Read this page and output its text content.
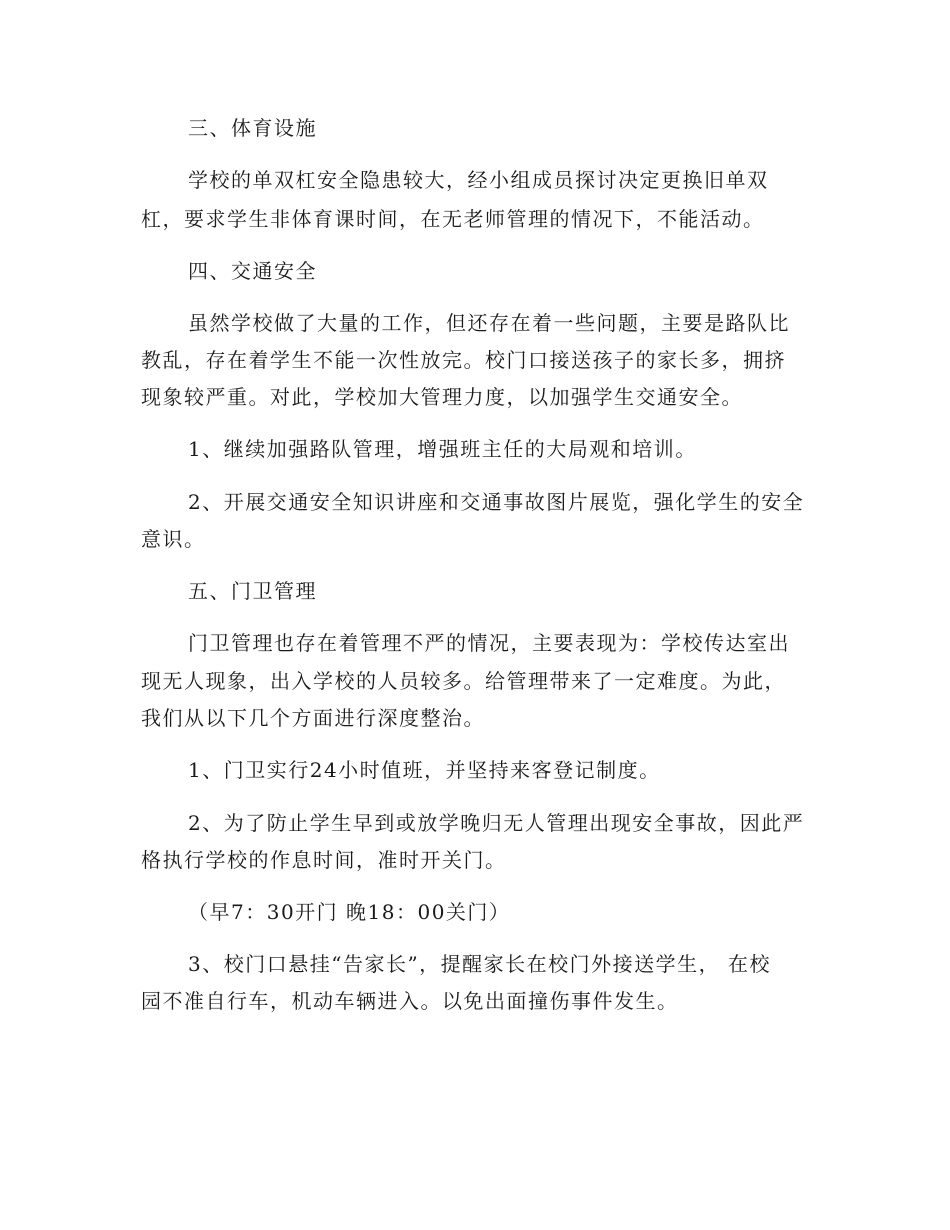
三、体育设施
学校的单双杠安全隐患较大，经小组成员探讨决定更换旧单双
杠，要求学生非体育课时间，在无老师管理的情况下，不能活动。
四、交通安全
虽然学校做了大量的工作，但还存在着一些问题，主要是路队比
教乱，存在着学生不能一次性放完。校门口接送孩子的家长多，拥挤
现象较严重。对此，学校加大管理力度，以加强学生交通安全。
1、继续加强路队管理，增强班主任的大局观和培训。
2、开展交通安全知识讲座和交通事故图片展览，强化学生的安全
意识。
五、门卫管理
门卫管理也存在着管理不严的情况，主要表现为：学校传达室出
现无人现象，出入学校的人员较多。给管理带来了一定难度。为此，
我们从以下几个方面进行深度整治。
1、门卫实行24小时值班，并坚持来客登记制度。
2、为了防止学生早到或放学晚归无人管理出现安全事故，因此严
格执行学校的作息时间，准时开关门。
（早7：30开门 晚18：00关门）
3、校门口悬挂“告家长”，提醒家长在校门外接送学生， 在校
园不准自行车，机动车辆进入。以免出面撞伤事件发生。
